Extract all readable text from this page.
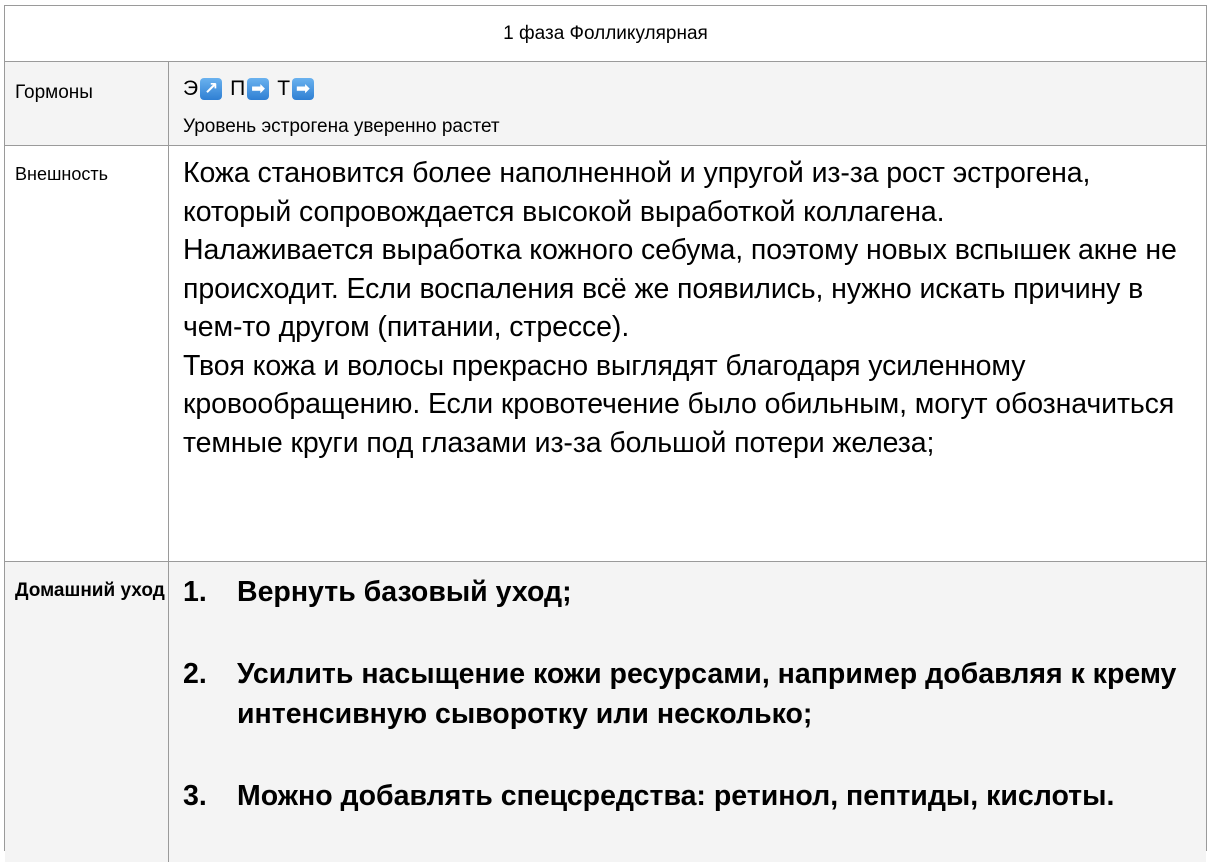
1 фаза Фолликулярная
Гормоны	Э ↗ П ➡ Т ➡
Уровень эстрогена уверенно растет
Внешность	Кожа становится более наполненной и упругой из-за рост эстрогена, который сопровождается высокой выработкой коллагена.

Налаживается выработка кожного себума, поэтому новых вспышек акне не происходит. Если воспаления всё же появились, нужно искать причину в чем-то другом (питании, стрессе).

Твоя кожа и волосы прекрасно выглядят благодаря усиленному кровообращению. Если кровотечение было обильным, могут обозначиться темные круги под глазами из-за большой потери железа;

Домашний уход 1. Вернуть базовый уход;
2. Усилить насыщение кожи ресурсами, например добавляя к крему интенсивную сыворотку или несколько;
3. Можно добавлять спецсредства: ретинол, пептиды, кислоты.
